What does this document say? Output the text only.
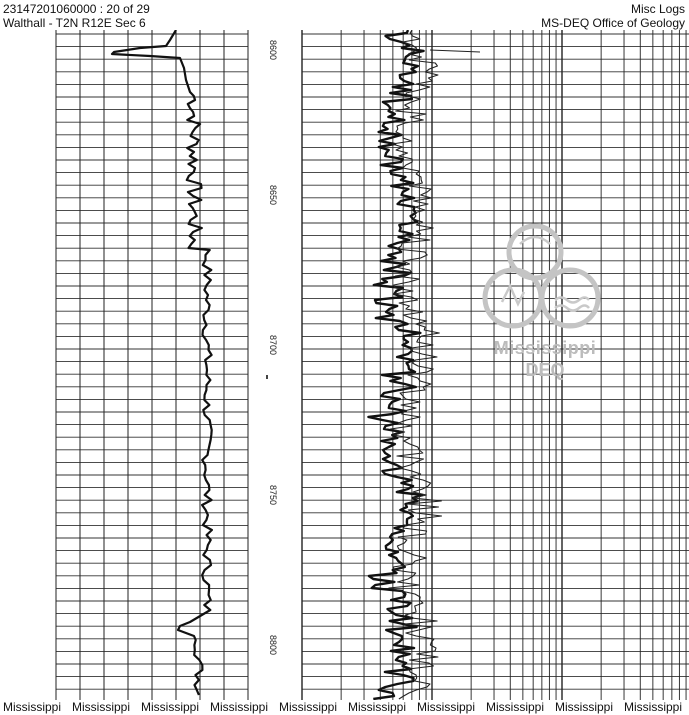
23147201060000 : 20 of 29
Walthall - T2N R12E Sec 6
Misc Logs
MS-DEQ Office of Geology
8600
8650
8700
8750
8800
Mississippi
DEQ
Mississippi Mississippi Mississippi Mississippi Mississippi Mississippi Mississippi Mississippi Mississippi Mississippi
